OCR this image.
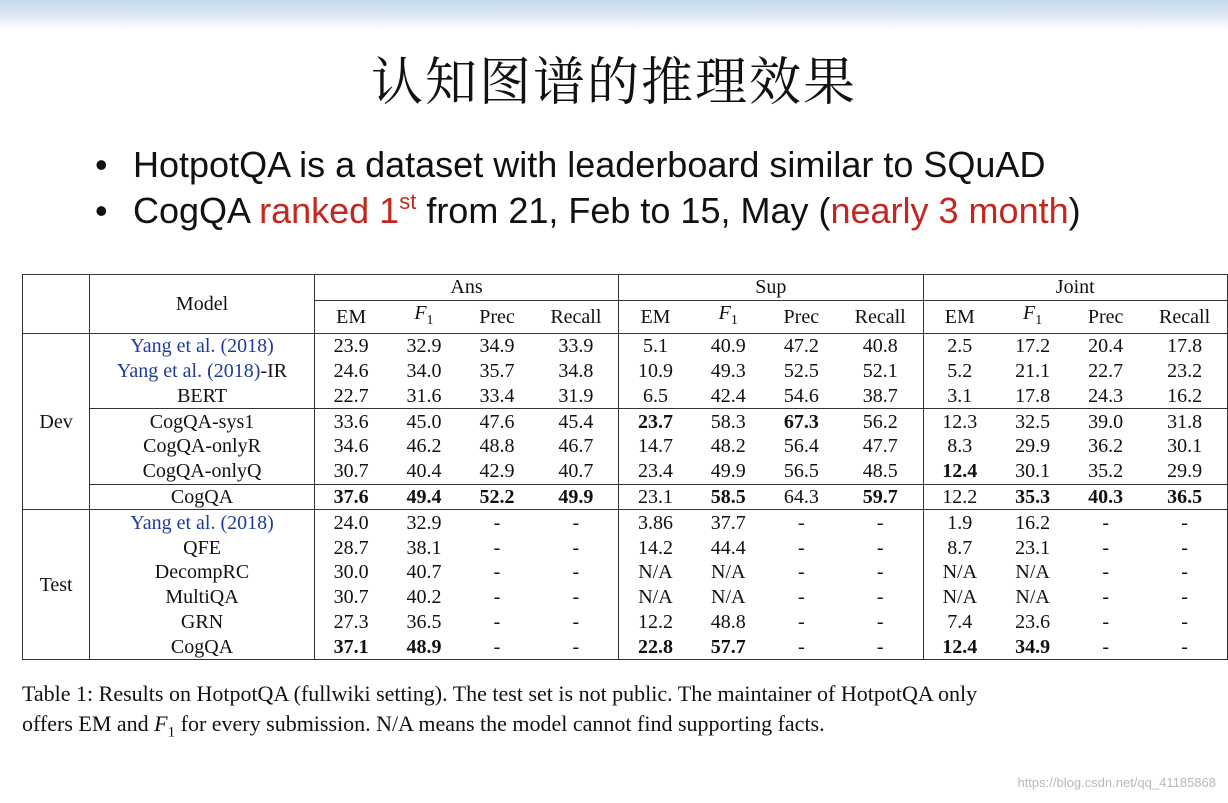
认知图谱的推理效果
• HotpotQA is a dataset with leaderboard similar to SQuAD
• CogQA ranked 1st from 21, Feb to 15, May (nearly 3 month)
	Model	Ans				Sup				Joint			
		EM	$F_1$	Prec	Recall	EM	$F_1$	Prec	Recall	EM	$F_1$	Prec	Recall
Dev	Yang et al. (2018)	23.9	32.9	34.9	33.9	5.1	40.9	47.2	40.8	2.5	17.2	20.4	17.8
	Yang et al. (2018)-IR	24.6	34.0	35.7	34.8	10.9	49.3	52.5	52.1	5.2	21.1	22.7	23.2
	BERT	22.7	31.6	33.4	31.9	6.5	42.4	54.6	38.7	3.1	17.8	24.3	16.2
	CogQA-sys1	33.6	45.0	47.6	45.4	23.7	58.3	67.3	56.2	12.3	32.5	39.0	31.8
	CogQA-onlyR	34.6	46.2	48.8	46.7	14.7	48.2	56.4	47.7	8.3	29.9	36.2	30.1
	CogQA-onlyQ	30.7	40.4	42.9	40.7	23.4	49.9	56.5	48.5	12.4	30.1	35.2	29.9
	CogQA	37.6	49.4	52.2	49.9	23.1	58.5	64.3	59.7	12.2	35.3	40.3	36.5
Test	Yang et al. (2018)	24.0	32.9	-	-	3.86	37.7	-	-	1.9	16.2	-	-
	QFE	28.7	38.1	-	-	14.2	44.4	-	-	8.7	23.1	-	-
	DecompRC	30.0	40.7	-	-	N/A	N/A	-	-	N/A	N/A	-	-
	MultiQA	30.7	40.2	-	-	N/A	N/A	-	-	N/A	N/A	-	-
	GRN	27.3	36.5	-	-	12.2	48.8	-	-	7.4	23.6	-	-
	CogQA	37.1	48.9	-	-	22.8	57.7	-	-	12.4	34.9	-	-
Table 1: Results on HotpotQA (fullwiki setting). The test set is not public. The maintainer of HotpotQA only
offers EM and $F_1$ for every submission. N/A means the model cannot find supporting facts.
https://blog.csdn.net/qq_41185868
